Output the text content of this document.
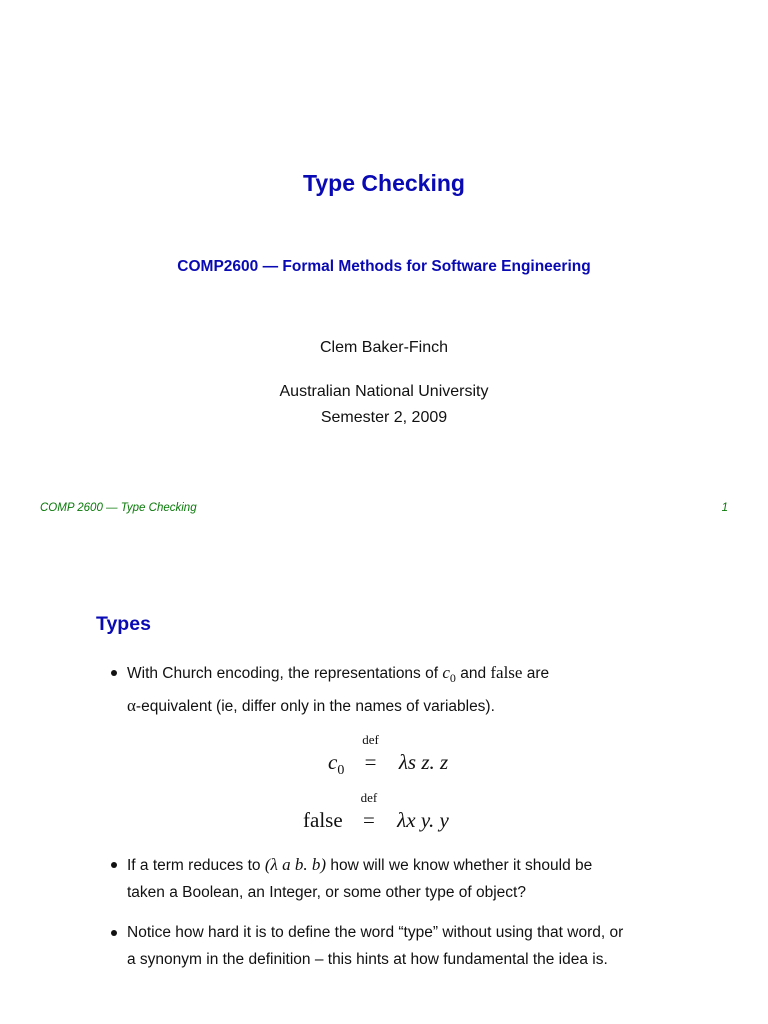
Type Checking
COMP2600 — Formal Methods for Software Engineering
Clem Baker-Finch
Australian National University
Semester 2, 2009
COMP 2600 — Type Checking	1
Types
With Church encoding, the representations of $c_0$ and false are
α-equivalent (ie, differ only in the names of variables).
$c_0$
def
= λs z. z
false
def
= λx y. y
If a term reduces to (λ a b. b) how will we know whether it should be
taken a Boolean, an Integer, or some other type of object?
Notice how hard it is to define the word “type” without using that word, or
a synonym in the definition – this hints at how fundamental the idea is.
